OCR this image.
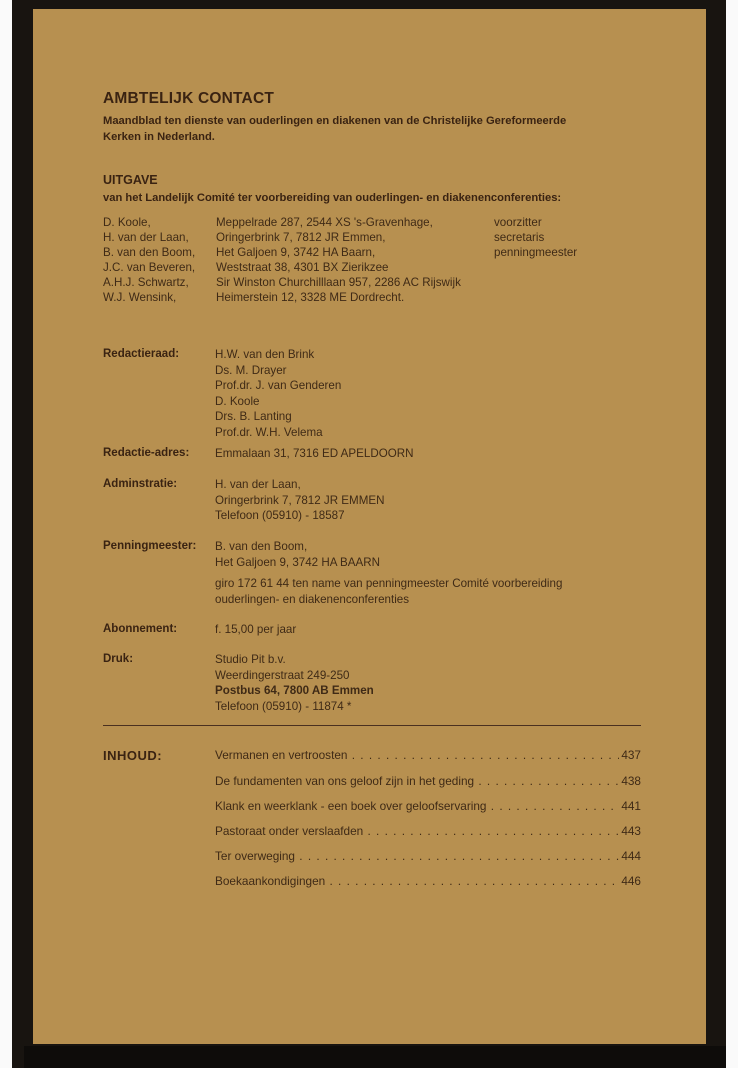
AMBTELIJK CONTACT
Maandblad ten dienste van ouderlingen en diakenen van de Christelijke Gereformeerde
Kerken in Nederland.
UITGAVE
van het Landelijk Comité ter voorbereiding van ouderlingen- en diakenenconferenties:
D. Koole,	Meppelrade 287, 2544 XS 's-Gravenhage,	voorzitter
H. van der Laan, Oringerbrink 7, 7812 JR Emmen,	secretaris
B. van den Boom, Het Galjoen 9, 3742 HA Baarn,	penningmeester
J.C. van Beveren, Weststraat 38, 4301 BX Zierikzee
A.H.J. Schwartz, Sir Winston Churchilllaan 957, 2286 AC Rijswijk
W.J. Wensink,	Heimerstein 12, 3328 ME Dordrecht.
Redactieraad:	H.W. van den Brink
Ds. M. Drayer
Prof.dr. J. van Genderen
D. Koole
Drs. B. Lanting
Prof.dr. W.H. Velema
Redactie-adres: Emmalaan 31, 7316 ED APELDOORN
Adminstratie:	H. van der Laan,
Oringerbrink 7, 7812 JR EMMEN
Telefoon (05910) - 18587
Penningmeester: B. van den Boom,
Het Galjoen 9, 3742 HA BAARN
giro 172 61 44 ten name van penningmeester Comité voorbereiding
ouderlingen- en diakenenconferenties
Abonnement:	f. 15,00 per jaar
Druk:	Studio Pit b.v.
Weerdingerstraat 249-250
Postbus 64, 7800 AB Emmen
Telefoon (05910) - 11874 *
INHOUD:	Vermanen en vertroosten . . .	437
De fundamenten van ons geloof zijn in het geding . . .	438
Klank en weerklank - een boek over geloofservaring . . .	441
Pastoraat onder verslaafden . . .	443
Ter overweging . . .	444
Boekaankondigingen . . .	446
